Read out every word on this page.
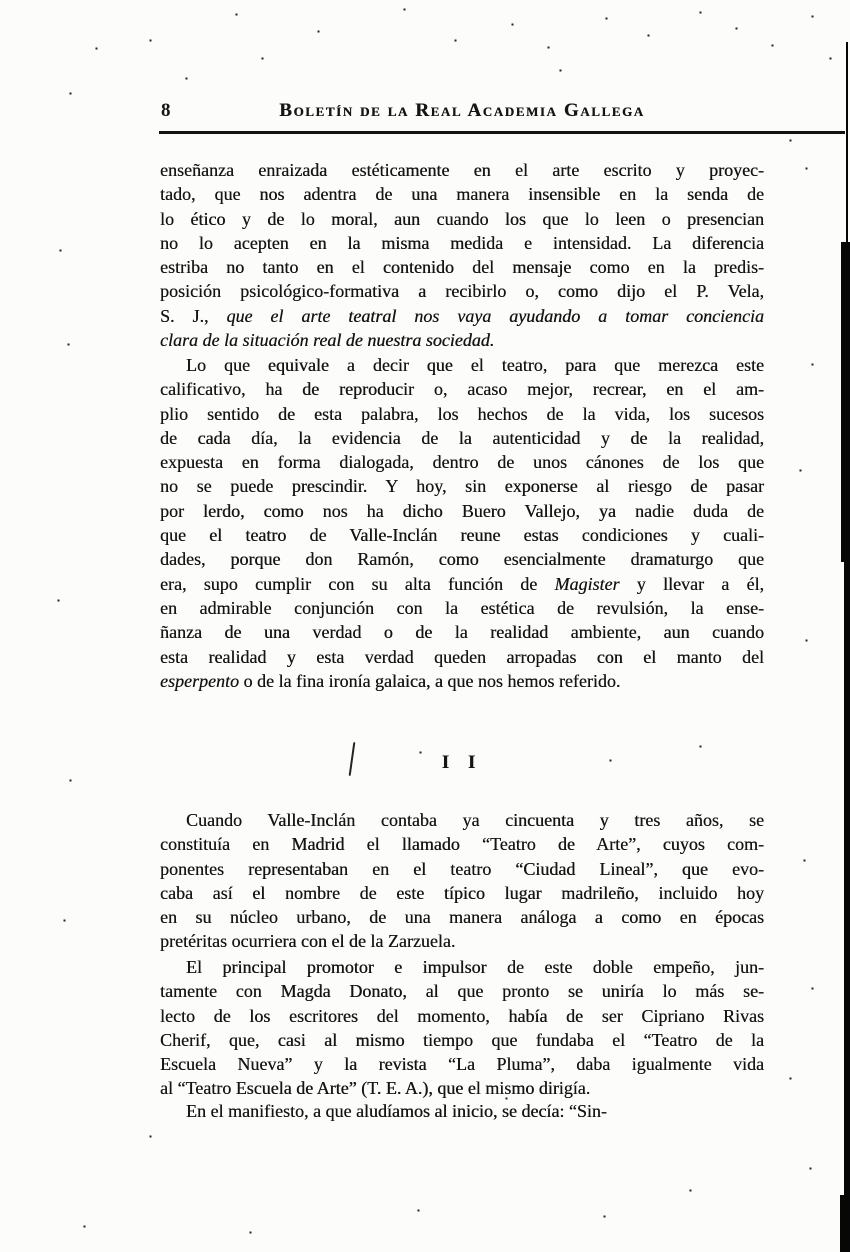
8	Boletín de la Real Academia Gallega
enseñanza enraizada estéticamente en el arte escrito y proyec-
tado, que nos adentra de una manera insensible en la senda de
lo ético y de lo moral, aun cuando los que lo leen o presencian
no lo acepten en la misma medida e intensidad. La diferencia
estriba no tanto en el contenido del mensaje como en la predis-
posición psicológico-formativa a recibirlo o, como dijo el P. Vela,
S. J., que el arte teatral nos vaya ayudando a tomar conciencia
clara de la situación real de nuestra sociedad.
Lo que equivale a decir que el teatro, para que merezca este
calificativo, ha de reproducir o, acaso mejor, recrear, en el am-
plio sentido de esta palabra, los hechos de la vida, los sucesos
de cada día, la evidencia de la autenticidad y de la realidad,
expuesta en forma dialogada, dentro de unos cánones de los que
no se puede prescindir. Y hoy, sin exponerse al riesgo de pasar
por lerdo, como nos ha dicho Buero Vallejo, ya nadie duda de
que el teatro de Valle-Inclán reune estas condiciones y cuali-
dades, porque don Ramón, como esencialmente dramaturgo que
era, supo cumplir con su alta función de Magister y llevar a él,
en admirable conjunción con la estética de revulsión, la ense-
ñanza de una verdad o de la realidad ambiente, aun cuando
esta realidad y esta verdad queden arropadas con el manto del
esperpento o de la fina ironía galaica, a que nos hemos referido.
I I
Cuando Valle-Inclán contaba ya cincuenta y tres años, se
constituía en Madrid el llamado “Teatro de Arte”, cuyos com-
ponentes representaban en el teatro “Ciudad Lineal”, que evo-
caba así el nombre de este típico lugar madrileño, incluido hoy
en su núcleo urbano, de una manera análoga a como en épocas
pretéritas ocurriera con el de la Zarzuela.
El principal promotor e impulsor de este doble empeño, jun-
tamente con Magda Donato, al que pronto se uniría lo más se-
lecto de los escritores del momento, había de ser Cipriano Rivas
Cherif, que, casi al mismo tiempo que fundaba el “Teatro de la
Escuela Nueva” y la revista “La Pluma”, daba igualmente vida
al “Teatro Escuela de Arte” (T. E. A.), que el mismo dirigía.
En el manifiesto, a que aludíamos al inicio, se decía: “Sin-
